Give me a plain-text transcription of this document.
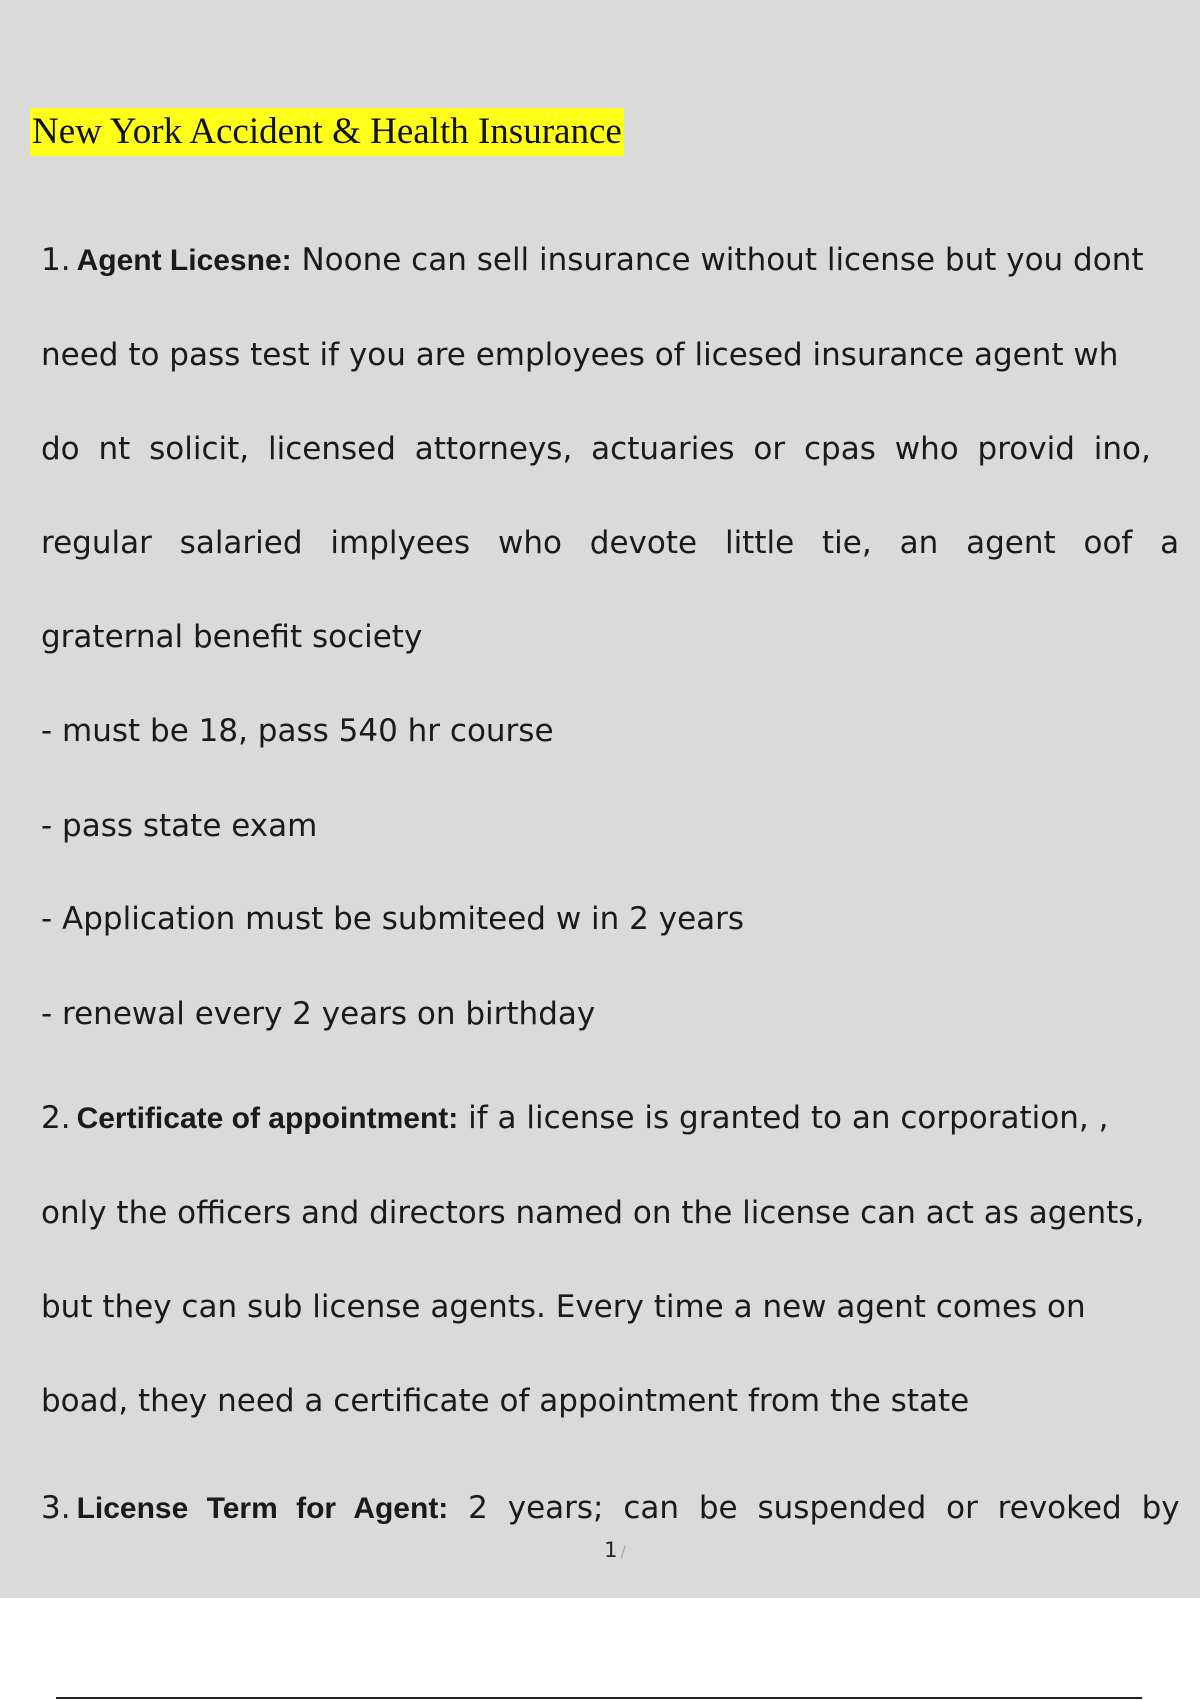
New York Accident & Health Insurance
1. Agent Licesne: Noone can sell insurance without license but you dont
need to pass test if you are employees of licesed insurance agent wh
do nt solicit, licensed attorneys, actuaries or cpas who provid ino,
regular salaried implyees who devote little tie, an agent oof a
graternal benefit society
- must be 18, pass 540 hr course
- pass state exam
- Application must be submiteed w in 2 years
- renewal every 2 years on birthday
2. Certificate of appointment: if a license is granted to an corporation, ,
only the officers and directors named on the license can act as agents,
but they can sub license agents. Every time a new agent comes on
boad, they need a certificate of appointment from the state
3. License Term for Agent: 2 years; can be suspended or revoked by
1 /
